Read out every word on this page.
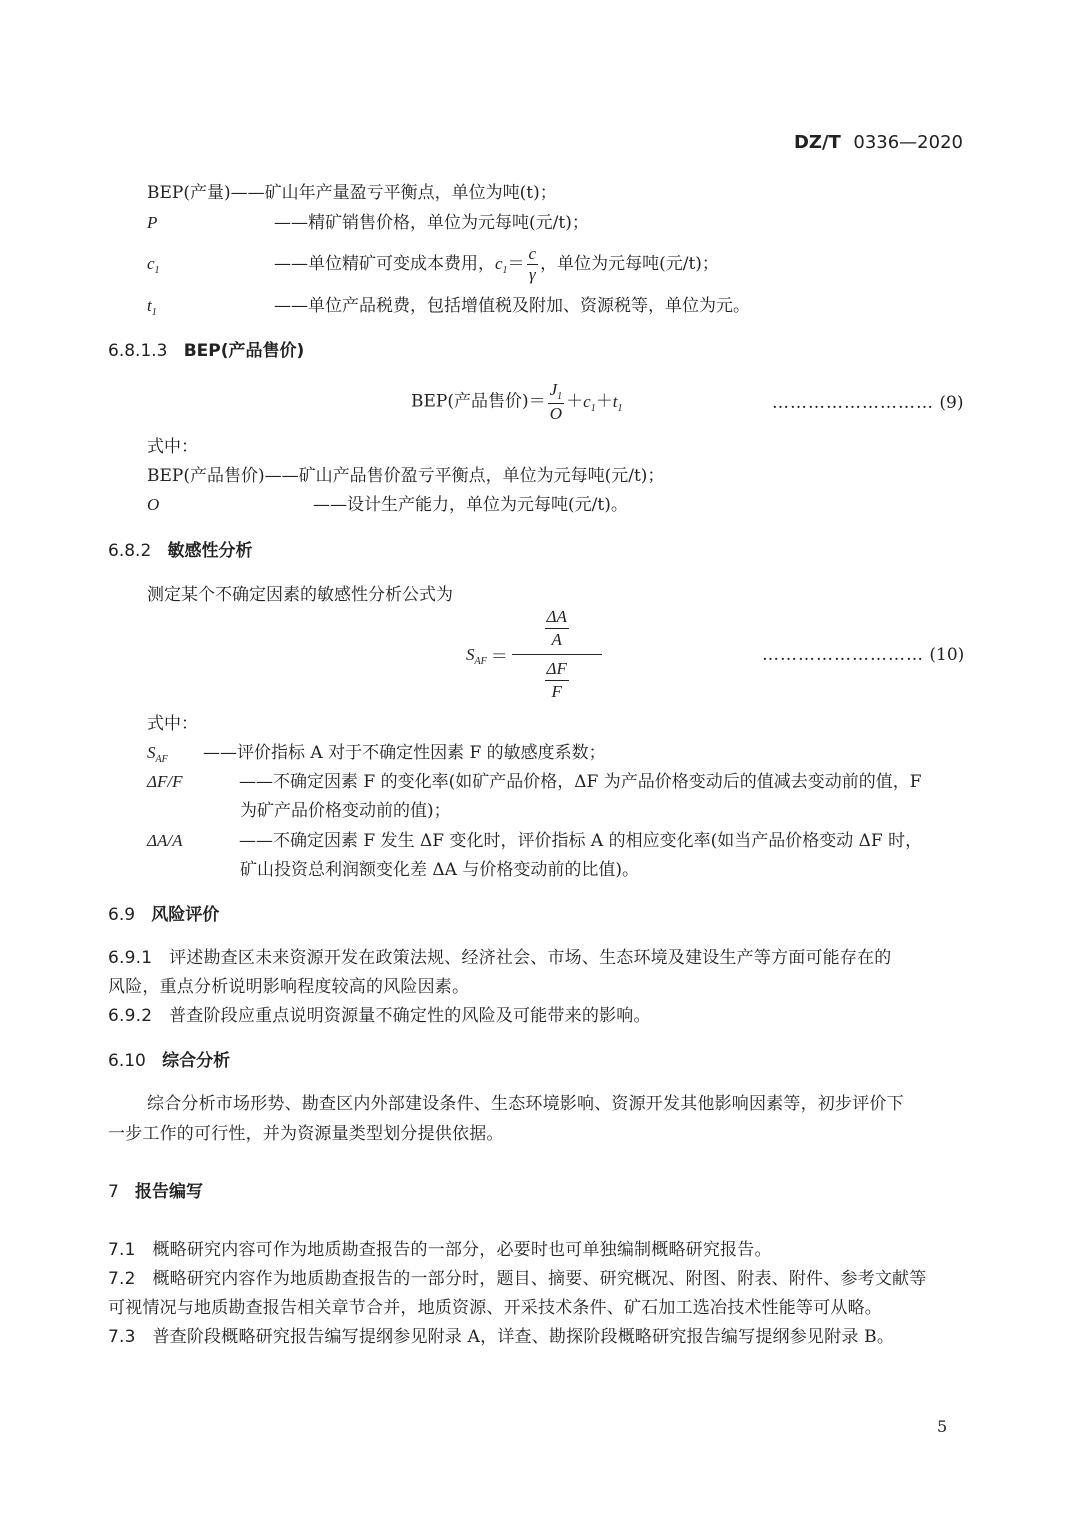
DZ/T 0336—2020
BEP(产量)——矿山年产量盈亏平衡点，单位为吨(t)；
P	——精矿销售价格，单位为元每吨(元/t)；
$c_1$	——单位精矿可变成本费用，$c_1= \frac{c}{\gamma}$ ，单位为元每吨(元/t)；
$t_1$	——单位产品税费，包括增值税及附加、资源税等，单位为元。
6.8.1.3 BEP(产品售价)
BEP(产品售价)＝ $\frac{J_1}{O} +c_1+t_1$	……………………… (9)
式中：
BEP(产品售价)——矿山产品售价盈亏平衡点，单位为元每吨(元/t)；
O	——设计生产能力，单位为元每吨(元/t)。
6.8.2 敏感性分析
测定某个不确定因素的敏感性分析公式为
$S_{AF}$ ＝
$\frac{\Delta A}{A}$
$\frac{\Delta F}{F}$
……………………… (10)
式中：
$S_{AF}$ ——评价指标 A 对于不确定性因素 F 的敏感度系数；
ΔF/F	——不确定因素 F 的变化率(如矿产品价格，ΔF 为产品价格变动后的值减去变动前的值，F
为矿产品价格变动前的值)；
ΔA/A	——不确定因素 F 发生 ΔF 变化时，评价指标 A 的相应变化率(如当产品价格变动 ΔF 时，
矿山投资总利润额变化差 ΔA 与价格变动前的比值)。
6.9 风险评价
6.9.1 评述勘查区未来资源开发在政策法规、经济社会、市场、生态环境及建设生产等方面可能存在的
风险，重点分析说明影响程度较高的风险因素。
6.9.2 普查阶段应重点说明资源量不确定性的风险及可能带来的影响。
6.10 综合分析
综合分析市场形势、勘查区内外部建设条件、生态环境影响、资源开发其他影响因素等，初步评价下
一步工作的可行性，并为资源量类型划分提供依据。
7 报告编写
7.1 概略研究内容可作为地质勘查报告的一部分，必要时也可单独编制概略研究报告。
7.2 概略研究内容作为地质勘查报告的一部分时，题目、摘要、研究概况、附图、附表、附件、参考文献等
可视情况与地质勘查报告相关章节合并，地质资源、开采技术条件、矿石加工选冶技术性能等可从略。
7.3 普查阶段概略研究报告编写提纲参见附录 A，详查、勘探阶段概略研究报告编写提纲参见附录 B。
5
